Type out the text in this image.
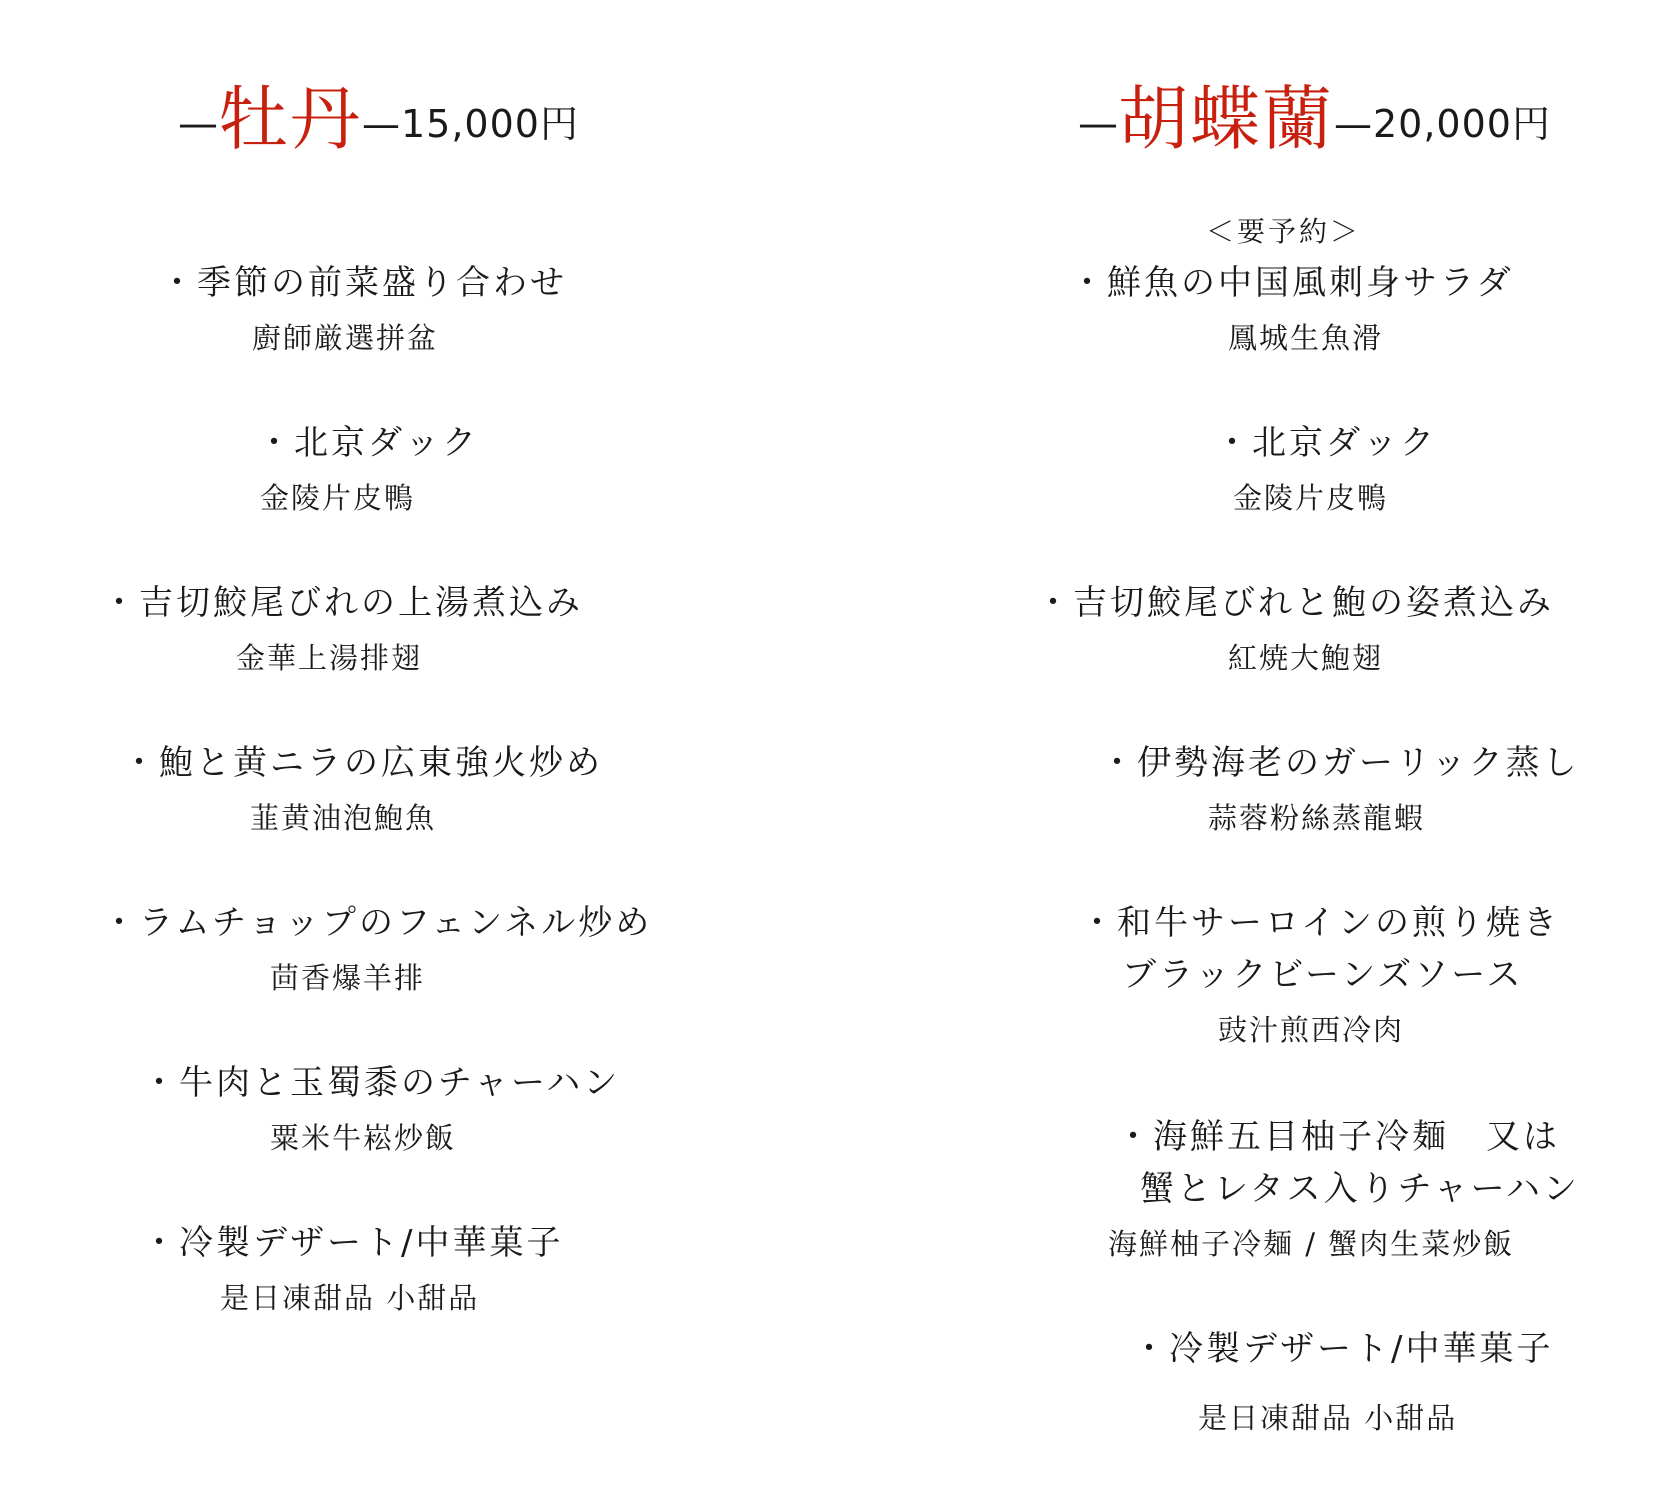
—牡丹—15,000円	—胡蝶蘭—20,000円
・季節の前菜盛り合わせ
廚師厳選拼盆
・北京ダック
金陵片皮鴨
・吉切鮫尾びれの上湯煮込み
金華上湯排翅
・鮑と黄ニラの広東強火炒め
韮黄油泡鮑魚
・ラムチョップのフェンネル炒め
茴香爆羊排
・牛肉と玉蜀黍のチャーハン
粟米牛崧炒飯
・冷製デザート/中華菓子
是日凍甜品 小甜品
＜要予約＞
・鮮魚の中国風刺身サラダ
鳳城生魚滑
・北京ダック
金陵片皮鴨
・吉切鮫尾びれと鮑の姿煮込み
紅焼大鮑翅
・伊勢海老のガーリック蒸し
蒜蓉粉絲蒸龍蝦
・和牛サーロインの煎り焼き
ブラックビーンズソース
豉汁煎西冷肉
・海鮮五目柚子冷麺　又は
蟹とレタス入りチャーハン
海鮮柚子冷麺 / 蟹肉生菜炒飯
・冷製デザート/中華菓子
是日凍甜品 小甜品
